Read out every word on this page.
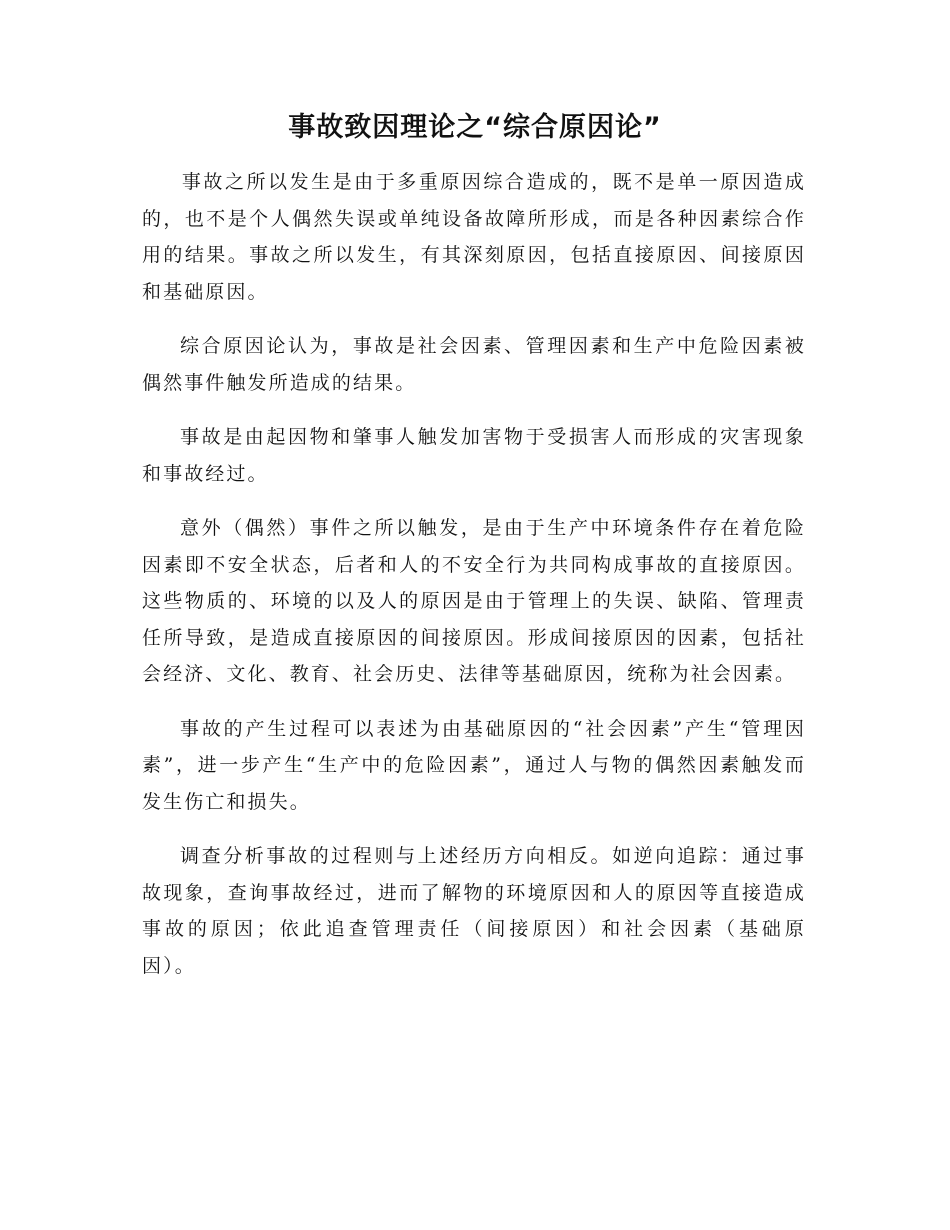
事故致因理论之“综合原因论”

事故之所以发生是由于多重原因综合造成的，既不是单一原因造成的，也不是个人偶然失误或单纯设备故障所形成，而是各种因素综合作用的结果。事故之所以发生，有其深刻原因，包括直接原因、间接原因和基础原因。

综合原因论认为，事故是社会因素、管理因素和生产中危险因素被偶然事件触发所造成的结果。

事故是由起因物和肇事人触发加害物于受损害人而形成的灾害现象和事故经过。

意外（偶然）事件之所以触发，是由于生产中环境条件存在着危险因素即不安全状态，后者和人的不安全行为共同构成事故的直接原因。这些物质的、环境的以及人的原因是由于管理上的失误、缺陷、管理责任所导致，是造成直接原因的间接原因。形成间接原因的因素，包括社会经济、文化、教育、社会历史、法律等基础原因，统称为社会因素。

事故的产生过程可以表述为由基础原因的“社会因素”产生“管理因素”，进一步产生“生产中的危险因素”，通过人与物的偶然因素触发而发生伤亡和损失。

调查分析事故的过程则与上述经历方向相反。如逆向追踪：通过事故现象，查询事故经过，进而了解物的环境原因和人的原因等直接造成事故的原因；依此追查管理责任（间接原因）和社会因素（基础原因）。
